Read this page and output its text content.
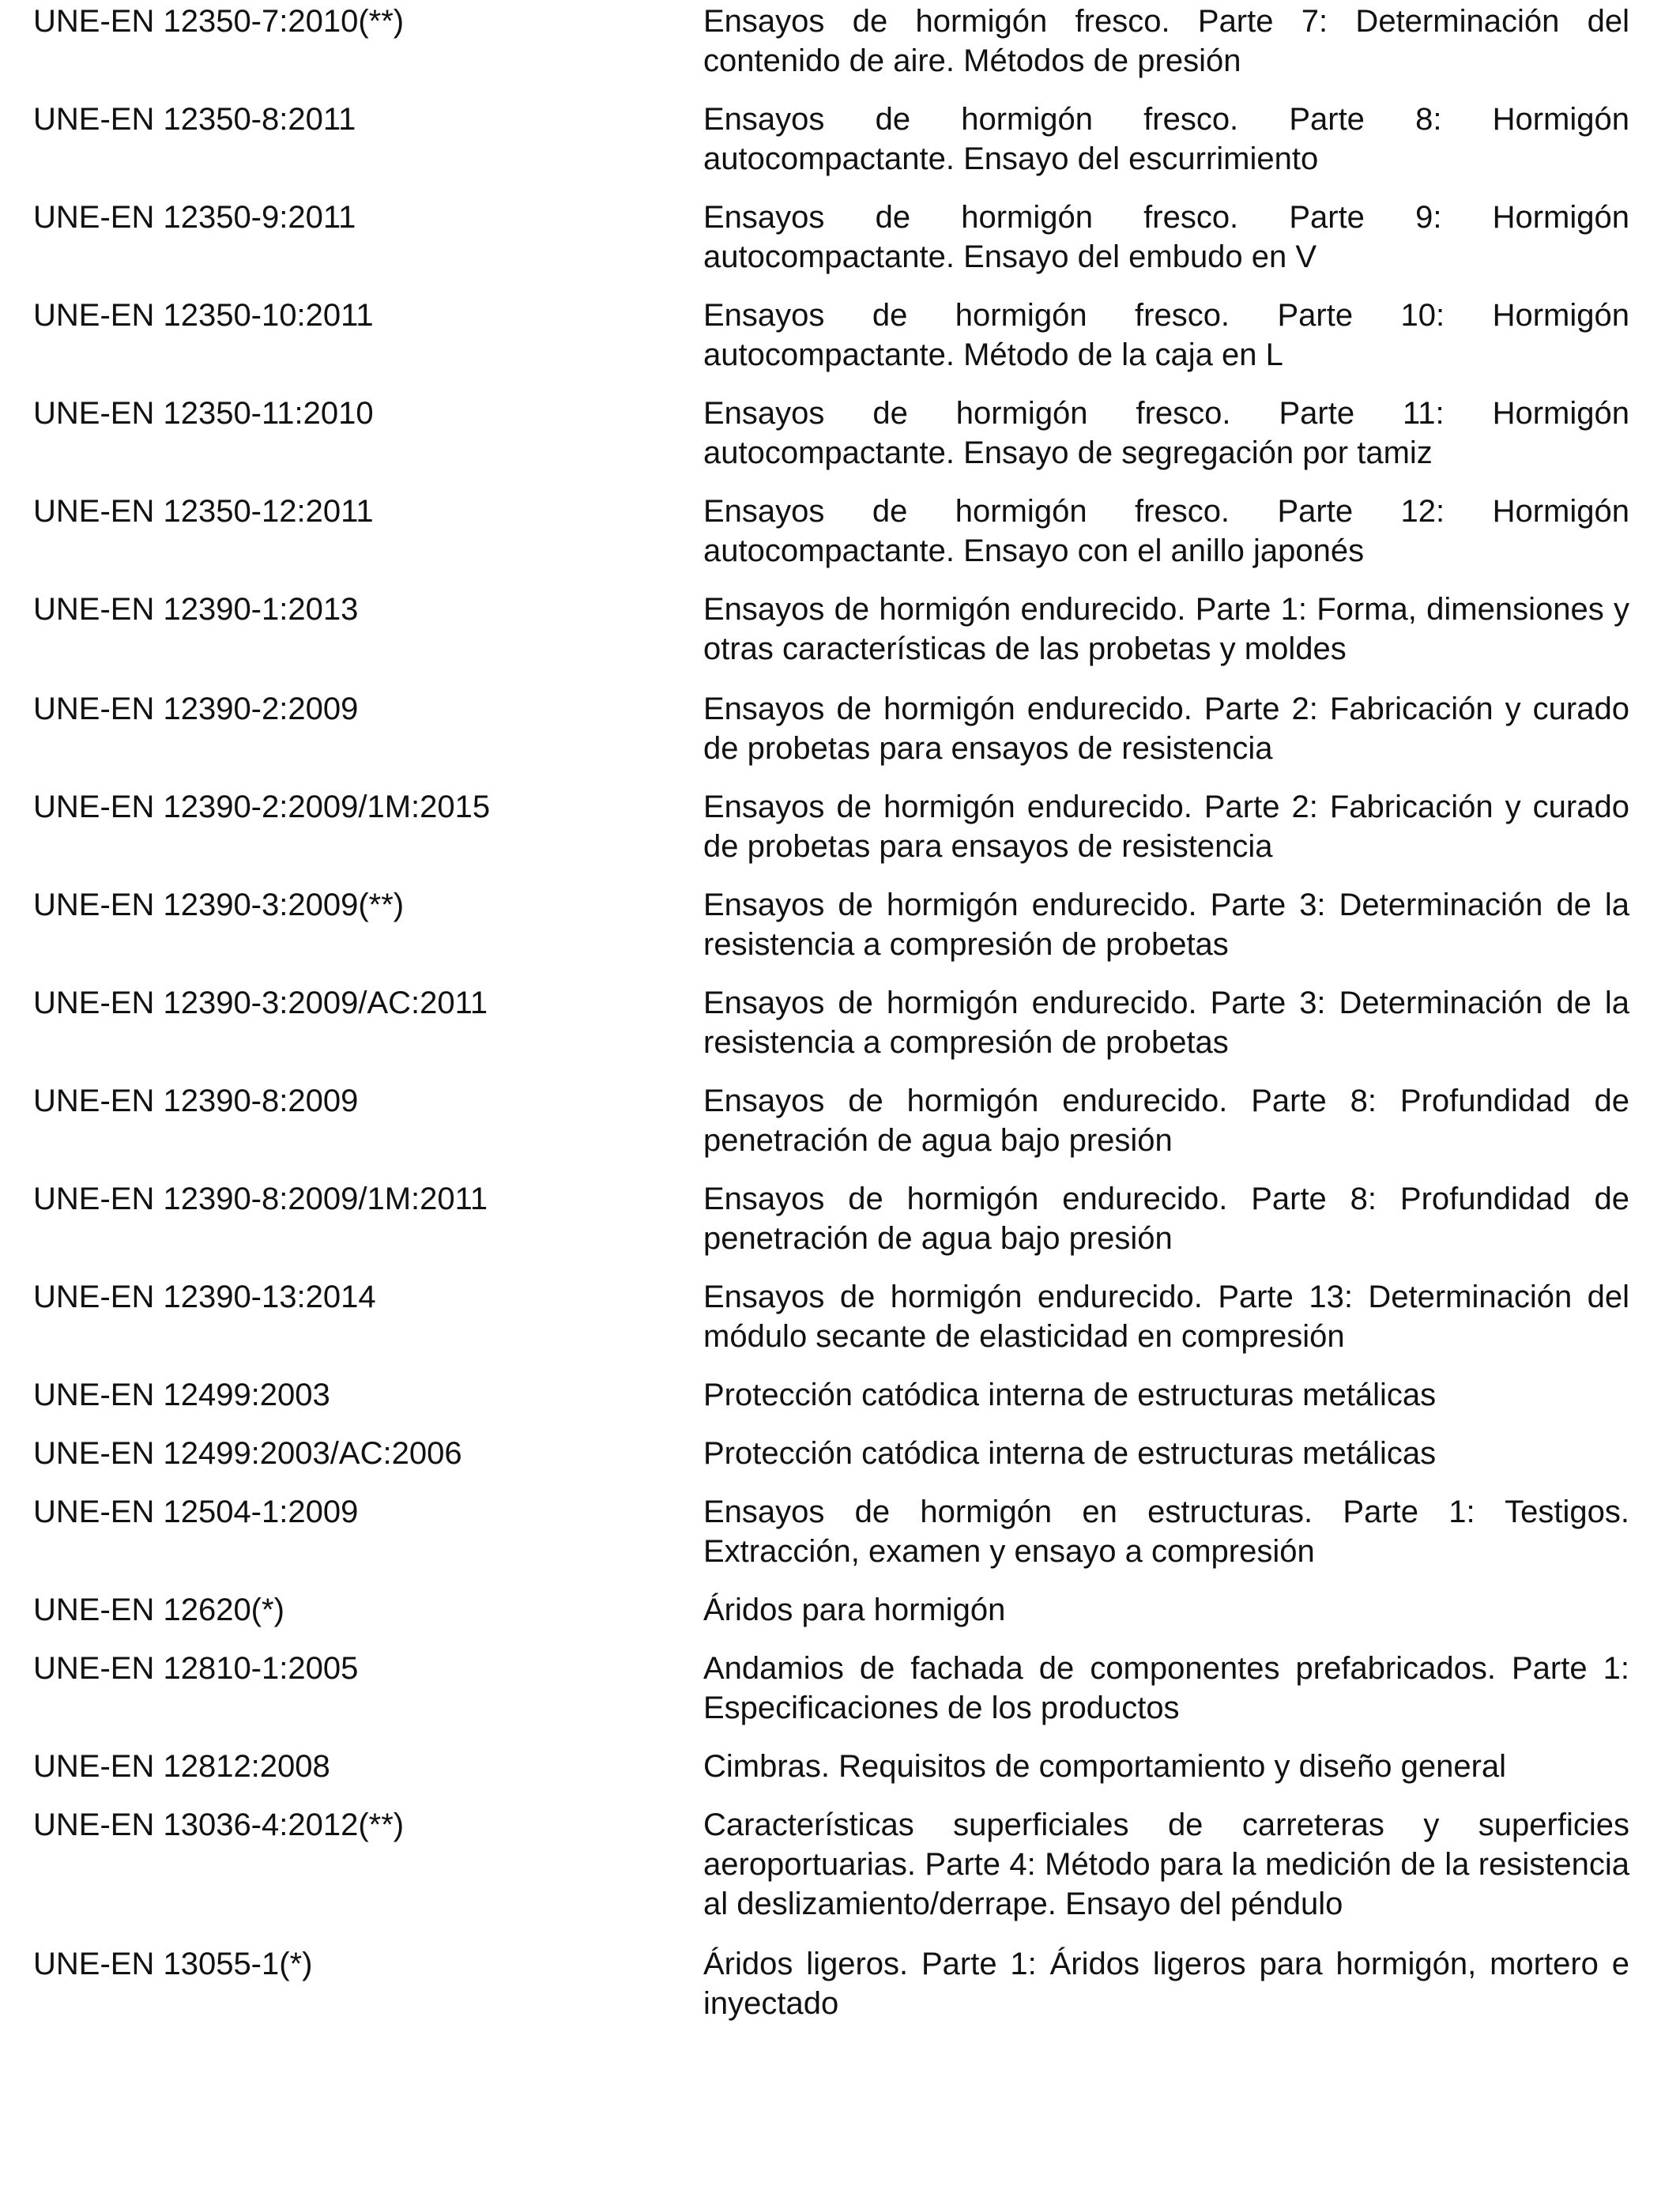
UNE-EN 12350-7:2010(**)	Ensayos de hormigón fresco. Parte 7: Determinación del contenido de aire. Métodos de presión
UNE-EN 12350-8:2011	Ensayos de hormigón fresco. Parte 8: Hormigón autocompactante. Ensayo del escurrimiento
UNE-EN 12350-9:2011	Ensayos de hormigón fresco. Parte 9: Hormigón autocompactante. Ensayo del embudo en V
UNE-EN 12350-10:2011	Ensayos de hormigón fresco. Parte 10: Hormigón autocompactante. Método de la caja en L
UNE-EN 12350-11:2010	Ensayos de hormigón fresco. Parte 11: Hormigón autocompactante. Ensayo de segregación por tamiz
UNE-EN 12350-12:2011	Ensayos de hormigón fresco. Parte 12: Hormigón autocompactante. Ensayo con el anillo japonés
UNE-EN 12390-1:2013	Ensayos de hormigón endurecido. Parte 1: Forma, dimensiones y otras características de las probetas y moldes
UNE-EN 12390-2:2009	Ensayos de hormigón endurecido. Parte 2: Fabricación y curado de probetas para ensayos de resistencia
UNE-EN 12390-2:2009/1M:2015	Ensayos de hormigón endurecido. Parte 2: Fabricación y curado de probetas para ensayos de resistencia
UNE-EN 12390-3:2009(**)	Ensayos de hormigón endurecido. Parte 3: Determinación de la resistencia a compresión de probetas
UNE-EN 12390-3:2009/AC:2011	Ensayos de hormigón endurecido. Parte 3: Determinación de la resistencia a compresión de probetas
UNE-EN 12390-8:2009	Ensayos de hormigón endurecido. Parte 8: Profundidad de penetración de agua bajo presión
UNE-EN 12390-8:2009/1M:2011	Ensayos de hormigón endurecido. Parte 8: Profundidad de penetración de agua bajo presión
UNE-EN 12390-13:2014	Ensayos de hormigón endurecido. Parte 13: Determinación del módulo secante de elasticidad en compresión
UNE-EN 12499:2003	Protección catódica interna de estructuras metálicas
UNE-EN 12499:2003/AC:2006	Protección catódica interna de estructuras metálicas
UNE-EN 12504-1:2009	Ensayos de hormigón en estructuras. Parte 1: Testigos. Extracción, examen y ensayo a compresión
UNE-EN 12620(*)	Áridos para hormigón
UNE-EN 12810-1:2005	Andamios de fachada de componentes prefabricados. Parte 1: Especificaciones de los productos
UNE-EN 12812:2008	Cimbras. Requisitos de comportamiento y diseño general
UNE-EN 13036-4:2012(**)	Características superficiales de carreteras y superficies aeroportuarias. Parte 4: Método para la medición de la resistencia al deslizamiento/derrape. Ensayo del péndulo
UNE-EN 13055-1(*)	Áridos ligeros. Parte 1: Áridos ligeros para hormigón, mortero e inyectado
